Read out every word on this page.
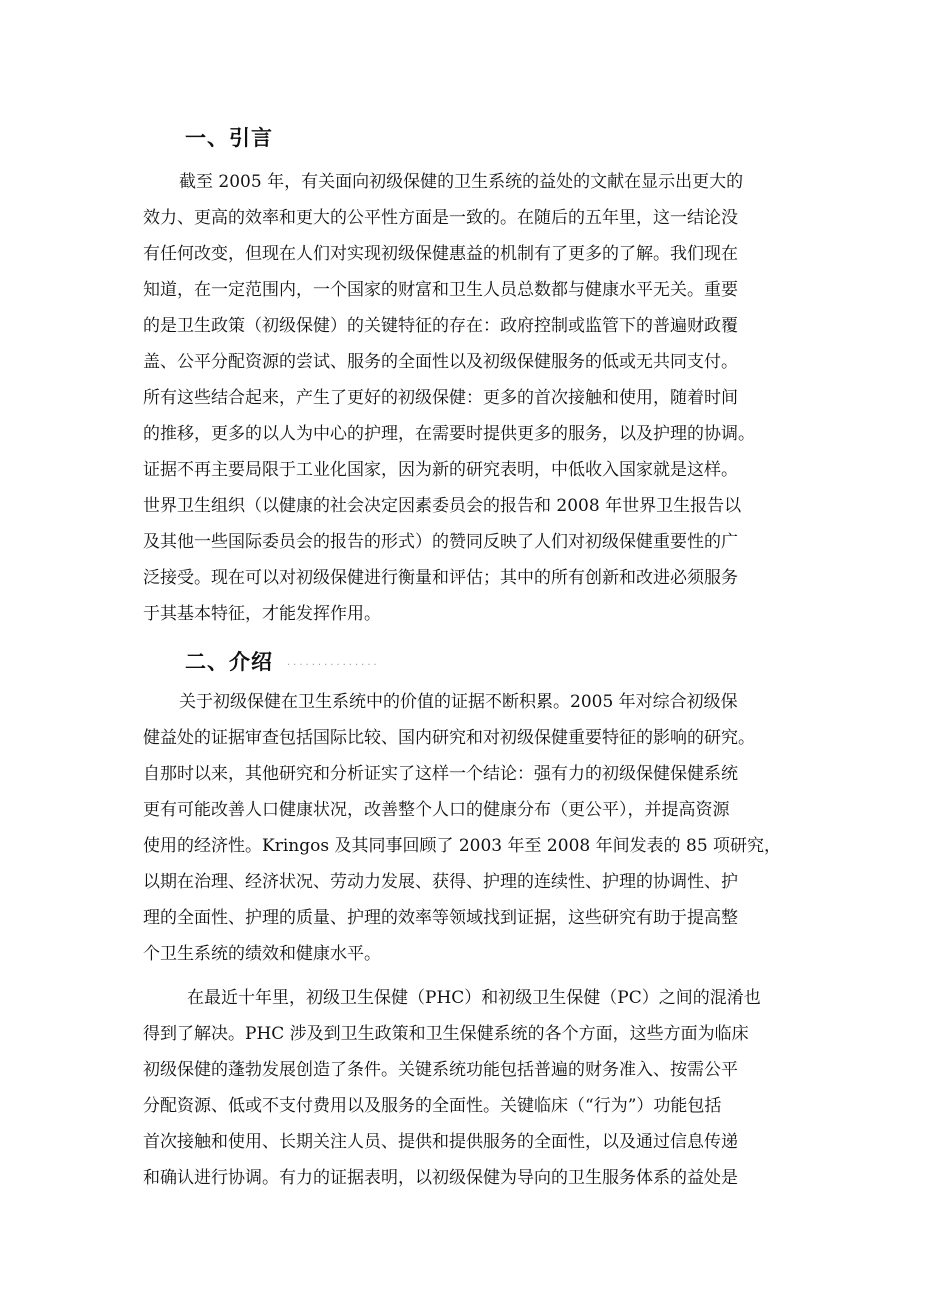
一、引言
截至 2005 年，有关面向初级保健的卫生系统的益处的文献在显示出更大的
效力、更高的效率和更大的公平性方面是一致的。在随后的五年里，这一结论没
有任何改变，但现在人们对实现初级保健惠益的机制有了更多的了解。我们现在
知道，在一定范围内，一个国家的财富和卫生人员总数都与健康水平无关。重要
的是卫生政策（初级保健）的关键特征的存在：政府控制或监管下的普遍财政覆
盖、公平分配资源的尝试、服务的全面性以及初级保健服务的低或无共同支付。
所有这些结合起来，产生了更好的初级保健：更多的首次接触和使用，随着时间
的推移，更多的以人为中心的护理，在需要时提供更多的服务，以及护理的协调。
证据不再主要局限于工业化国家，因为新的研究表明，中低收入国家就是这样。
世界卫生组织（以健康的社会决定因素委员会的报告和 2008 年世界卫生报告以
及其他一些国际委员会的报告的形式）的赞同反映了人们对初级保健重要性的广
泛接受。现在可以对初级保健进行衡量和评估；其中的所有创新和改进必须服务
于其基本特征，才能发挥作用。
二、介绍 ...............
关于初级保健在卫生系统中的价值的证据不断积累。2005 年对综合初级保
健益处的证据审查包括国际比较、国内研究和对初级保健重要特征的影响的研究。
自那时以来，其他研究和分析证实了这样一个结论：强有力的初级保健保健系统
更有可能改善人口健康状况，改善整个人口的健康分布（更公平），并提高资源
使用的经济性。Kringos 及其同事回顾了 2003 年至 2008 年间发表的 85 项研究，
以期在治理、经济状况、劳动力发展、获得、护理的连续性、护理的协调性、护
理的全面性、护理的质量、护理的效率等领域找到证据，这些研究有助于提高整
个卫生系统的绩效和健康水平。
在最近十年里，初级卫生保健（PHC）和初级卫生保健（PC）之间的混淆也
得到了解决。PHC 涉及到卫生政策和卫生保健系统的各个方面，这些方面为临床
初级保健的蓬勃发展创造了条件。关键系统功能包括普遍的财务准入、按需公平
分配资源、低或不支付费用以及服务的全面性。关键临床（“行为”）功能包括
首次接触和使用、长期关注人员、提供和提供服务的全面性，以及通过信息传递
和确认进行协调。有力的证据表明，以初级保健为导向的卫生服务体系的益处是
